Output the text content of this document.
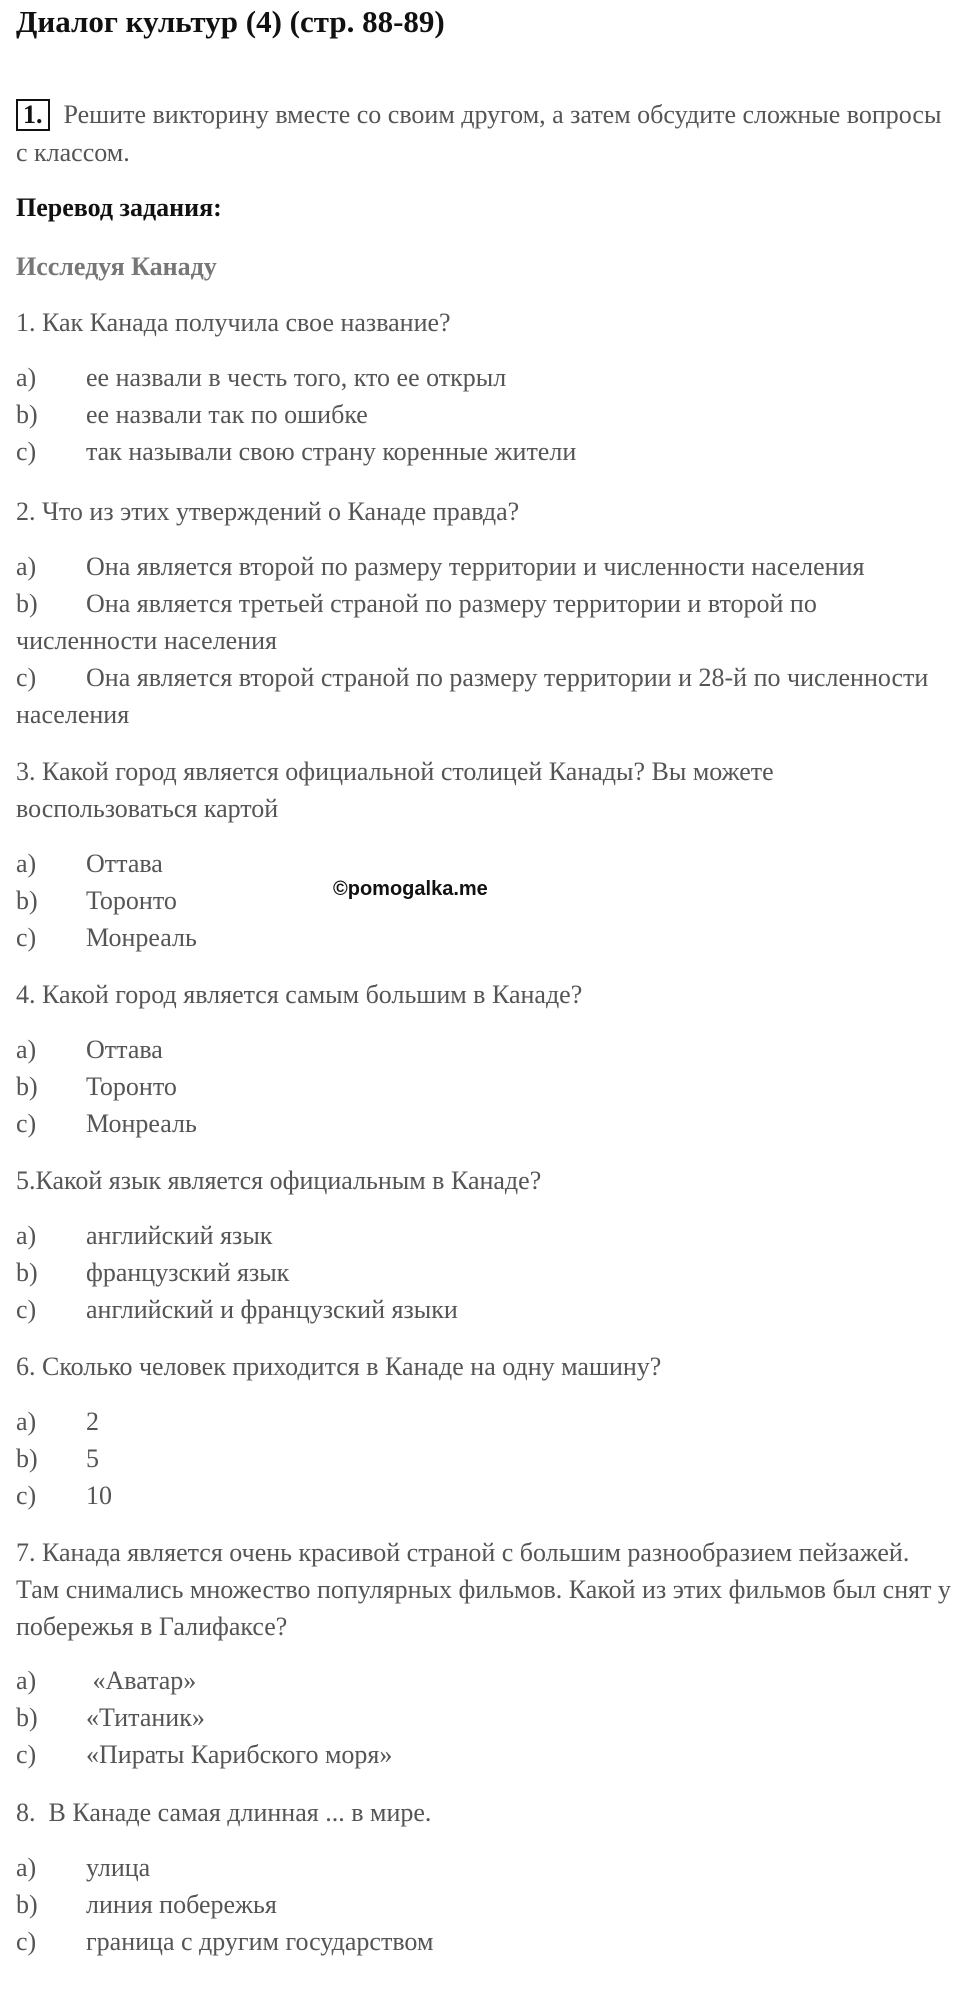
Диалог культур (4) (стр. 88-89)
1. Решите викторину вместе со своим другом, а затем обсудите сложные вопросы с классом.
Перевод задания:
Исследуя Канаду
1. Как Канада получила свое название?
a) ее назвали в честь того, кто ее открыл
b) ее назвали так по ошибке
c) так называли свою страну коренные жители
2. Что из этих утверждений о Канаде правда?
a) Она является второй по размеру территории и численности населения
b) Она является третьей страной по размеру территории и второй по численности населения
c) Она является второй страной по размеру территории и 28-й по численности населения
3. Какой город является официальной столицей Канады? Вы можете воспользоваться картой
a) Оттава
b) Торонто
c) Монреаль
©pomogalka.me
4. Какой город является самым большим в Канаде?
a) Оттава
b) Торонто
c) Монреаль
5.Какой язык является официальным в Канаде?
a) английский язык
b) французский язык
c) английский и французский языки
6. Сколько человек приходится в Канаде на одну машину?
a) 2
b) 5
c) 10
7. Канада является очень красивой страной с большим разнообразием пейзажей. Там снимались множество популярных фильмов. Какой из этих фильмов был снят у побережья в Галифаксе?
a) «Аватар»
b) «Титаник»
c) «Пираты Карибского моря»
8.  В Канаде самая длинная ... в мире.
a) улица
b) линия побережья
c) граница с другим государством
